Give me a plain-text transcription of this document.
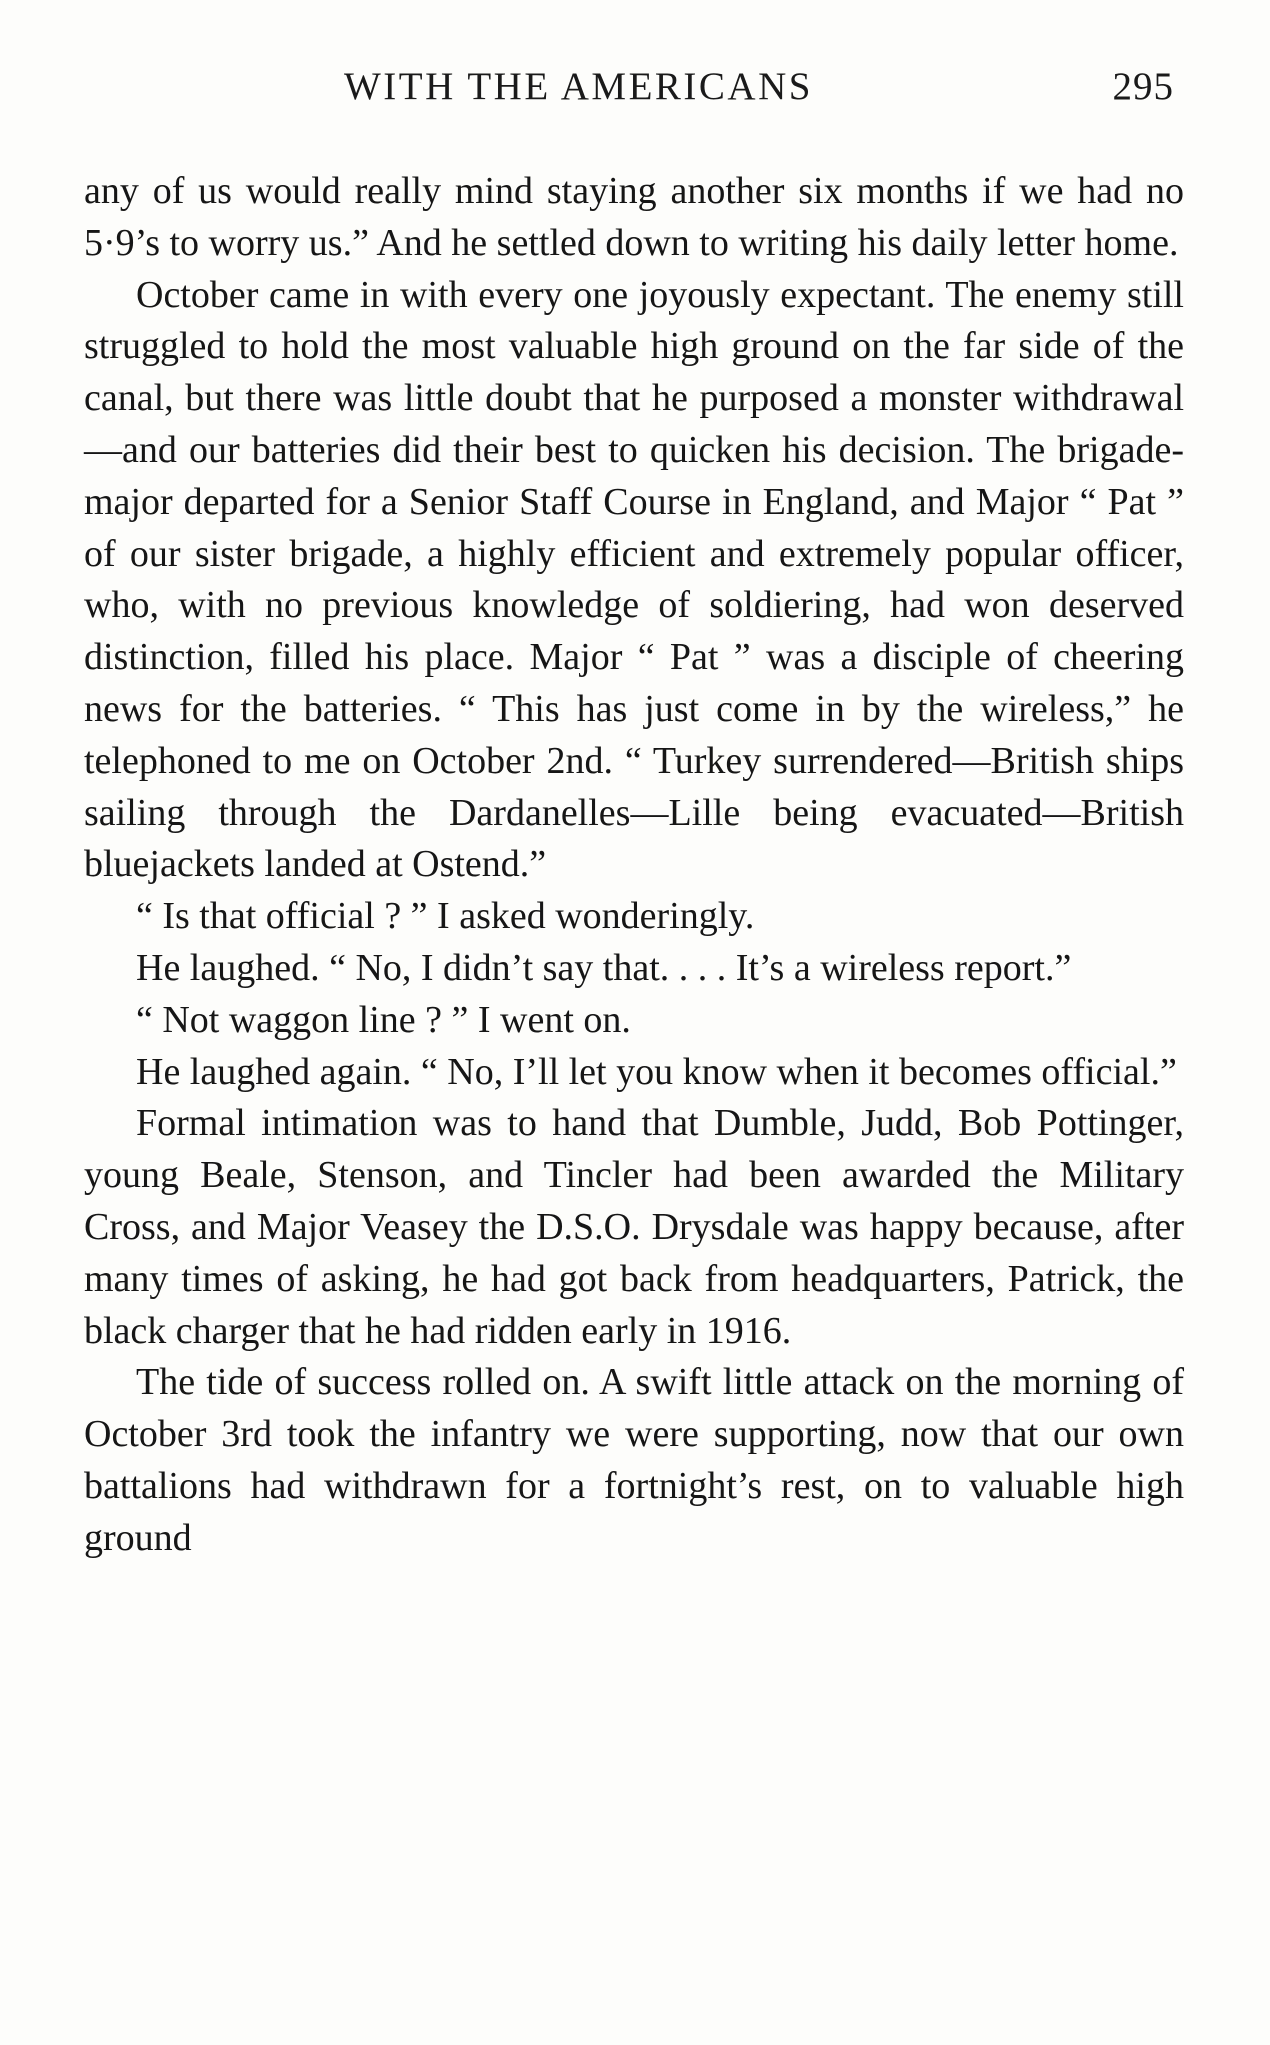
WITH THE AMERICANS	295

any of us would really mind staying another six months if we had no 5·9’s to worry us.” And he settled down to writing his daily letter home.

October came in with every one joyously expectant. The enemy still struggled to hold the most valuable high ground on the far side of the canal, but there was little doubt that he purposed a monster withdrawal—and our batteries did their best to quicken his decision. The brigade-major departed for a Senior Staff Course in England, and Major “ Pat ” of our sister brigade, a highly efficient and extremely popular officer, who, with no previous knowledge of soldiering, had won deserved distinction, filled his place. Major “ Pat ” was a disciple of cheering news for the batteries. “ This has just come in by the wireless,” he telephoned to me on October 2nd. “ Turkey surrendered—British ships sailing through the Dardanelles—Lille being evacuated—British bluejackets landed at Ostend.”

“ Is that official ? ” I asked wonderingly.

He laughed. “ No, I didn’t say that. . . . It’s a wireless report.”

“ Not waggon line ? ” I went on.

He laughed again. “ No, I’ll let you know when it becomes official.”

Formal intimation was to hand that Dumble, Judd, Bob Pottinger, young Beale, Stenson, and Tincler had been awarded the Military Cross, and Major Veasey the D.S.O. Drysdale was happy because, after many times of asking, he had got back from headquarters, Patrick, the black charger that he had ridden early in 1916.

The tide of success rolled on. A swift little attack on the morning of October 3rd took the infantry we were supporting, now that our own battalions had withdrawn for a fortnight’s rest, on to valuable high ground
